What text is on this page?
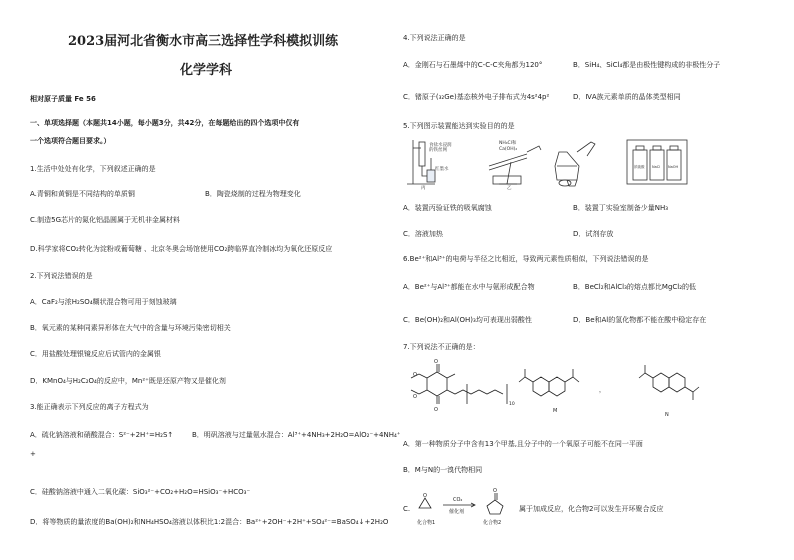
2023届河北省衡水市高三选择性学科模拟训练
化学学科
相对原子质量 Fe 56
一、单项选择题（本题共14小题，每小题3分，共42分，在每题给出的四个选项中仅有
一个选项符合题目要求。）
1.生活中处处有化学，下列叙述正确的是
A.青铜和黄铜是不同结构的单质铜	B．陶瓷烧制的过程为物理变化
C.制造5G芯片的氮化铝晶圆属于无机非金属材料
D.科学家将CO₂转化为淀粉或葡萄糖 、北京冬奥会场馆使用CO₂跨临界直冷制冰均为氧化还原反应
2.下列说法错误的是
A．CaF₂与浓H₂SO₄糊状混合物可用于刻蚀玻璃
B．氧元素的某种同素异形体在大气中的含量与环境污染密切相关
C．用盐酸处理银镜反应后试管内的金属银
D．KMnO₄与H₂C₂O₄的反应中，Mn²⁺既是还原产物又是催化剂
3.能正确表示下列反应的离子方程式为
A．硫化钠溶液和硝酸混合：S²⁻+2H⁺=H₂S↑	B．明矾溶液与过量氨水混合：Al³⁺+4NH₃+2H₂O=AlO₂⁻+4NH₄⁺
+
C．硅酸钠溶液中通入二氧化碳：SiO₃²⁻+CO₂+H₂O=HSiO₃⁻+HCO₃⁻
D．将等物质的量浓度的Ba(OH)₂和NH₄HSO₄溶液以体积比1:2混合：Ba²⁺+2OH⁻+2H⁺+SO₄²⁻=BaSO₄↓+2H₂O
4.下列说法正确的是
A．金刚石与石墨烯中的C-C-C夹角都为120°	B．SiH₄、SiCl₄都是由极性键构成的非极性分子
C．锗原子(₃₂Ge)基态核外电子排布式为4s²4p²	D．ⅣA族元素单质的晶体类型相同
5.下列图示装置能达到实验目的的是
食盐水浸润
的铁丝网
红墨水
丙
NH₄Cl和
Ca(OH)₂
乙
浓硫酸 NaCl NaOH
A．装置丙验证铁的吸氧腐蚀	B．装置丁实验室制备少量NH₃
C．溶液加热	D．试剂存放
6.Be²⁺和Al³⁺的电荷与半径之比相近，导致两元素性质相似，下列说法错误的是
A．Be²⁺与Al³⁺都能在水中与氨形成配合物	B．BeCl₂和AlCl₃的熔点都比MgCl₂的低
C．Be(OH)₂和Al(OH)₃均可表现出弱酸性	D．Be和Al的氢化物都不能在酸中稳定存在
7.下列说法不正确的是：
O
O
O
O
10
M
，
N
A．第一种物质分子中含有13个甲基,且分子中的一个氧原子可能不在同一平面
B．M与N的一溴代物相同
C.
O
CO₂
催化剂
O
化合物1	化合物2
属于加成反应，化合物2可以发生开环聚合反应
